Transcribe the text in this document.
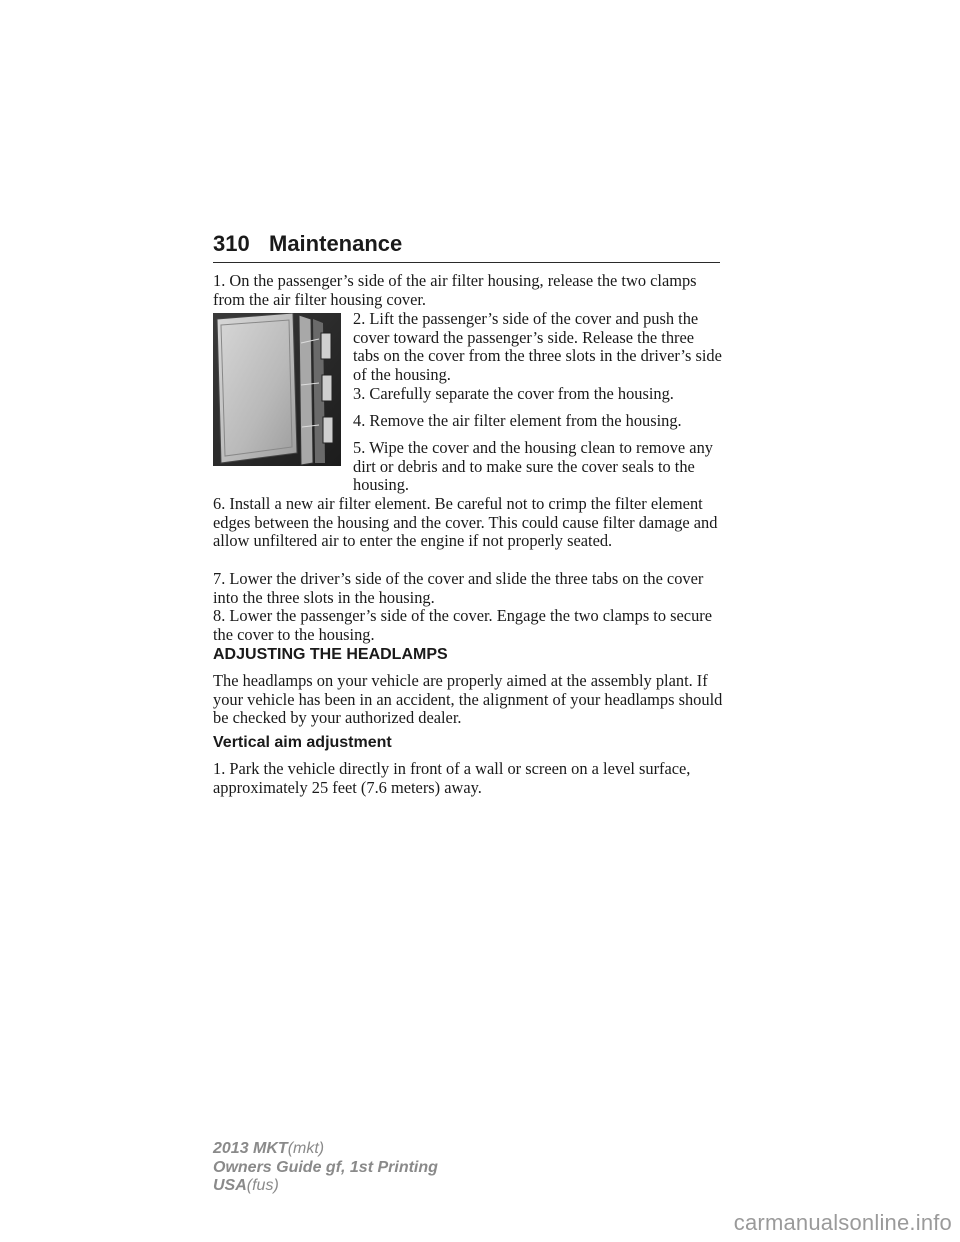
310 Maintenance

1. On the passenger’s side of the air filter housing, release the two clamps from the air filter housing cover.

2. Lift the passenger’s side of the cover and push the cover toward the passenger’s side. Release the three tabs on the cover from the three slots in the driver’s side of the housing.

3. Carefully separate the cover from the housing.

4. Remove the air filter element from the housing.

5. Wipe the cover and the housing clean to remove any dirt or debris and to make sure the cover seals to the housing.

6. Install a new air filter element. Be careful not to crimp the filter element edges between the housing and the cover. This could cause filter damage and allow unfiltered air to enter the engine if not properly seated.

7. Lower the driver’s side of the cover and slide the three tabs on the cover into the three slots in the housing.

8. Lower the passenger’s side of the cover. Engage the two clamps to secure the cover to the housing.

ADJUSTING THE HEADLAMPS

The headlamps on your vehicle are properly aimed at the assembly plant. If your vehicle has been in an accident, the alignment of your headlamps should be checked by your authorized dealer.

Vertical aim adjustment

1. Park the vehicle directly in front of a wall or screen on a level surface, approximately 25 feet (7.6 meters) away.

2013 MKT(mkt)
Owners Guide gf, 1st Printing
USA(fus)
carmanualsonline.info
